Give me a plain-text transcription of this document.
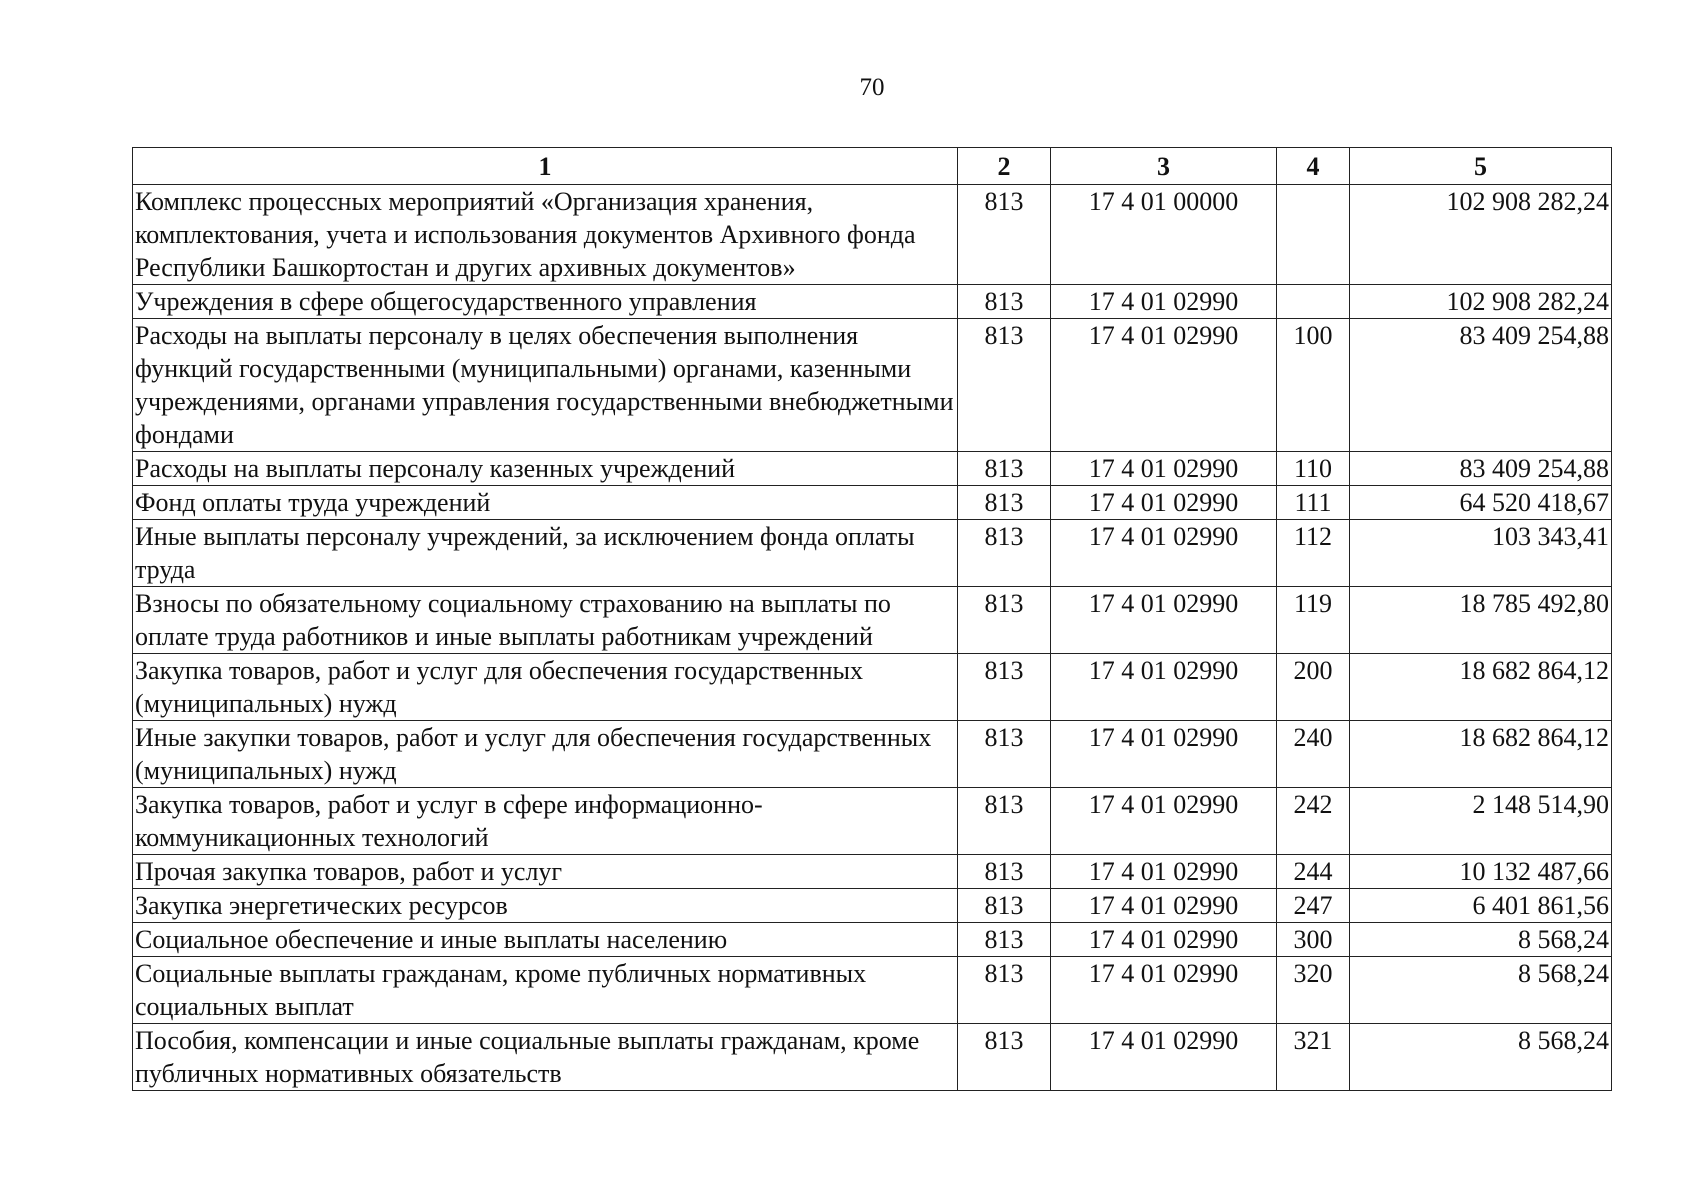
70
1	2	3	4	5
Комплекс процессных мероприятий «Организация хранения, комплектования, учета и использования документов Архивного фонда Республики Башкортостан и других архивных документов»	813	17 4 01 00000		102 908 282,24
Учреждения в сфере общегосударственного управления	813	17 4 01 02990		102 908 282,24
Расходы на выплаты персоналу в целях обеспечения выполнения функций государственными (муниципальными) органами, казенными учреждениями, органами управления государственными внебюджетными фондами	813	17 4 01 02990	100	83 409 254,88
Расходы на выплаты персоналу казенных учреждений	813	17 4 01 02990	110	83 409 254,88
Фонд оплаты труда учреждений	813	17 4 01 02990	111	64 520 418,67
Иные выплаты персоналу учреждений, за исключением фонда оплаты труда	813	17 4 01 02990	112	103 343,41
Взносы по обязательному социальному страхованию на выплаты по оплате труда работников и иные выплаты работникам учреждений	813	17 4 01 02990	119	18 785 492,80
Закупка товаров, работ и услуг для обеспечения государственных (муниципальных) нужд	813	17 4 01 02990	200	18 682 864,12
Иные закупки товаров, работ и услуг для обеспечения государственных (муниципальных) нужд	813	17 4 01 02990	240	18 682 864,12
Закупка товаров, работ и услуг в сфере информационно-коммуникационных технологий	813	17 4 01 02990	242	2 148 514,90
Прочая закупка товаров, работ и услуг	813	17 4 01 02990	244	10 132 487,66
Закупка энергетических ресурсов	813	17 4 01 02990	247	6 401 861,56
Социальное обеспечение и иные выплаты населению	813	17 4 01 02990	300	8 568,24
Социальные выплаты гражданам, кроме публичных нормативных социальных выплат	813	17 4 01 02990	320	8 568,24
Пособия, компенсации и иные социальные выплаты гражданам, кроме публичных нормативных обязательств	813	17 4 01 02990	321	8 568,24
